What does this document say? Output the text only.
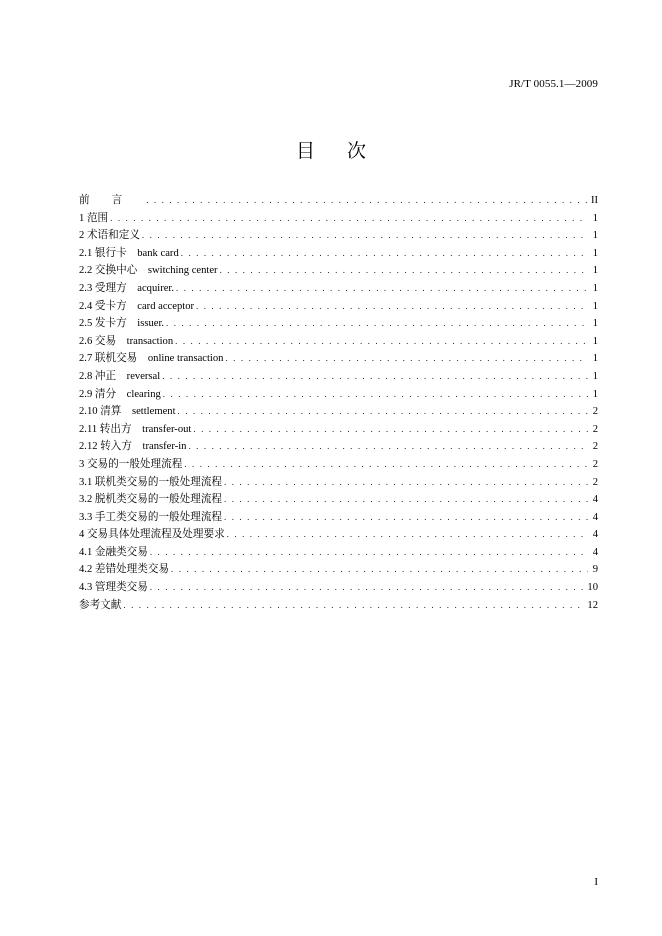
JR/T 0055.1—2009
目次
前言 . . .	II
1 范围 . . .	1
2 术语和定义 . . .	1
2.1 银行卡　bank card . . .	1
2.2 交换中心　switching center . . .	1
2.3 受理方　acquirer. . . .	1
2.4 受卡方　card acceptor . . .	1
2.5 发卡方　issuer. . . .	1
2.6 交易　transaction . . .	1
2.7 联机交易　online transaction . . .	1
2.8 冲正　reversal . . .	1
2.9 清分　clearing . . .	1
2.10 清算　settlement . . .	2
2.11 转出方　transfer-out . . .	2
2.12 转入方　transfer-in . . .	2
3 交易的一般处理流程 . . .	2
3.1 联机类交易的一般处理流程 . . .	2
3.2 脱机类交易的一般处理流程 . . .	4
3.3 手工类交易的一般处理流程 . . .	4
4 交易具体处理流程及处理要求 . . .	4
4.1 金融类交易 . . .	4
4.2 差错处理类交易 . . .	9
4.3 管理类交易 . . .	10
参考文献 . . .	12
I
